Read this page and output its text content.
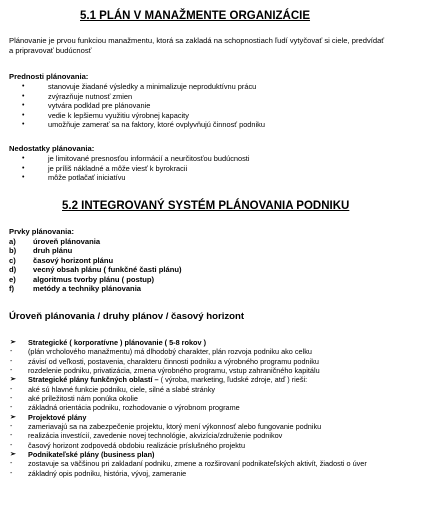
5.1 PLÁN V MANAŽMENTE ORGANIZÁCIE
Plánovanie je prvou funkciou manažmentu, ktorá sa zakladá na schopnostiach ľudí vytyčovať si ciele, predvídať
a pripravovať budúcnosť
Prednosti plánovania:
•	stanovuje žiadané výsledky a minimalizuje neproduktívnu prácu
•	zvýrazňuje nutnosť zmien
•	vytvára podklad pre plánovanie
•	vedie k lepšiemu využitiu výrobnej kapacity
•	umožňuje zamerať sa na faktory, ktoré ovplyvňujú činnosť podniku
Nedostatky plánovania:
•	je limitované presnosťou informácií a neurčitosťou budúcnosti
•	je príliš nákladné a môže viesť k byrokracii
•	môže potlačať iniciatívu
5.2 INTEGROVANÝ SYSTÉM PLÁNOVANIA PODNIKU
Prvky plánovania:
a) úroveň plánovania
b) druh plánu
c) časový horizont plánu
d) vecný obsah plánu ( funkčné časti plánu)
e) algoritmus tvorby plánu ( postup)
f) metódy a techniky plánovania
Úroveň plánovania / druhy plánov / časový horizont
➢ Strategické ( korporatívne ) plánovanie ( 5-8 rokov )
- (plán vrcholového manažmentu) má dlhodobý charakter, plán rozvoja podniku ako celku
- závisí od veľkosti, postavenia, charakteru činnosti podniku a výrobného programu podniku
- rozdelenie podniku, privatizácia, zmena výrobného programu, vstup zahraničného kapitálu
➢ Strategické plány funkčných oblastí – ( výroba, marketing, ľudské zdroje, atď ) rieši:
- aké sú hlavné funkcie podniku, ciele, silné a slabé stránky
- aké príležitosti nám ponúka okolie
- základná orientácia podniku, rozhodovanie o výrobnom programe
➢ Projektové plány
- zameriavajú sa na zabezpečenie projektu, ktorý mení výkonnosť alebo fungovanie podniku
- realizácia investícií, zavedenie novej technológie, akvizícia/združenie podnikov
- časový horizont zodpovedá obdobiu realizácie príslušného projektu
➢ Podnikateľské plány (business plan)
- zostavuje sa väčšinou pri zakladaní podniku, zmene a rozširovaní podnikateľských aktivít, žiadosti o úver
- základný opis podniku, história, vývoj, zameranie
